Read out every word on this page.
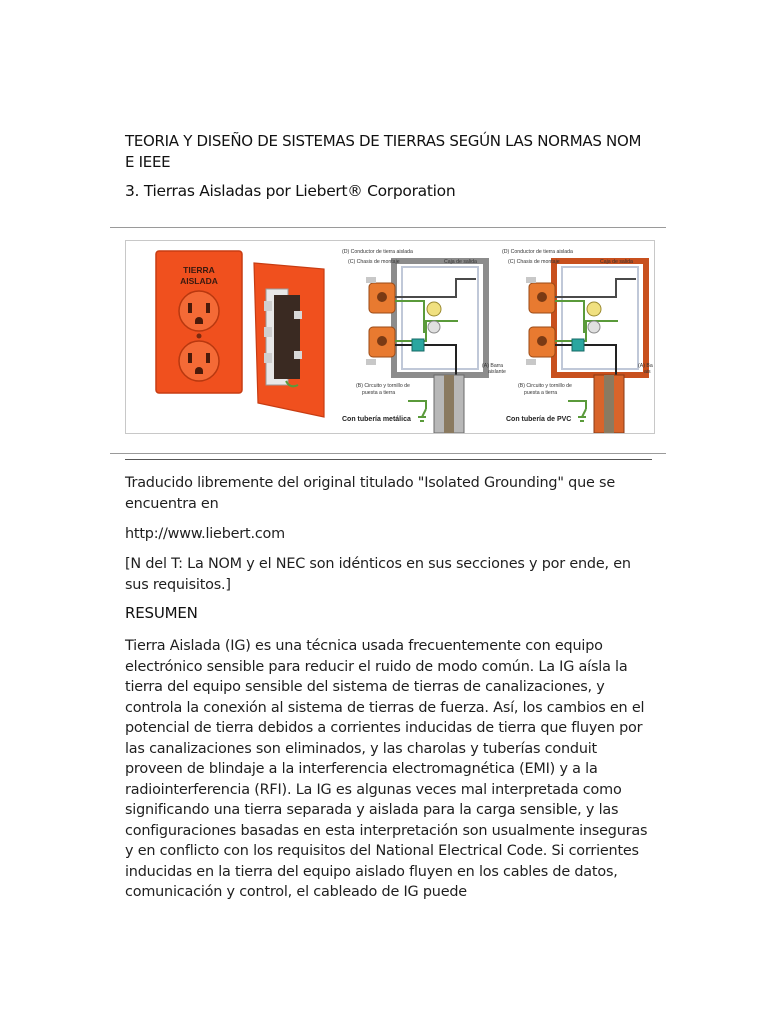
TEORIA Y DISEÑO DE SISTEMAS DE TIERRAS SEGÚN LAS NORMAS NOM E IEEE
3. Tierras Aisladas por Liebert® Corporation
TIERRA
AISLADA
(D) Conductor de tierra aislada
(C) Chasis de montaje	Caja de salida
(A) Barra
aislante
(B) Circuito y tornillo de
puesta a tierra
Con tubería metálica
(D) Conductor de tierra aislada
(C) Chasis de montaje	Caja de salida
(A) Ba
ais
(B) Circuito y tornillo de
puesta a tierra
Con tubería de PVC
Traducido libremente del original titulado "Isolated Grounding" que se encuentra en
http://www.liebert.com
[N del T: La NOM y el NEC son idénticos en sus secciones y por ende, en sus requisitos.]
RESUMEN
Tierra Aislada (IG) es una técnica usada frecuentemente con equipo electrónico sensible para reducir el ruido de modo común. La IG aísla la tierra del equipo sensible del sistema de tierras de canalizaciones, y controla la conexión al sistema de tierras de fuerza. Así, los cambios en el potencial de tierra debidos a corrientes inducidas de tierra que fluyen por las canalizaciones son eliminados, y las charolas y tuberías conduit proveen de blindaje a la interferencia electromagnética (EMI) y a la radiointerferencia (RFI). La IG es algunas veces mal interpretada como significando una tierra separada y aislada para la carga sensible, y las configuraciones basadas en esta interpretación son usualmente inseguras y en conflicto con los requisitos del National Electrical Code. Si corrientes inducidas en la tierra del equipo aislado fluyen en los cables de datos, comunicación y control, el cableado de IG puede
